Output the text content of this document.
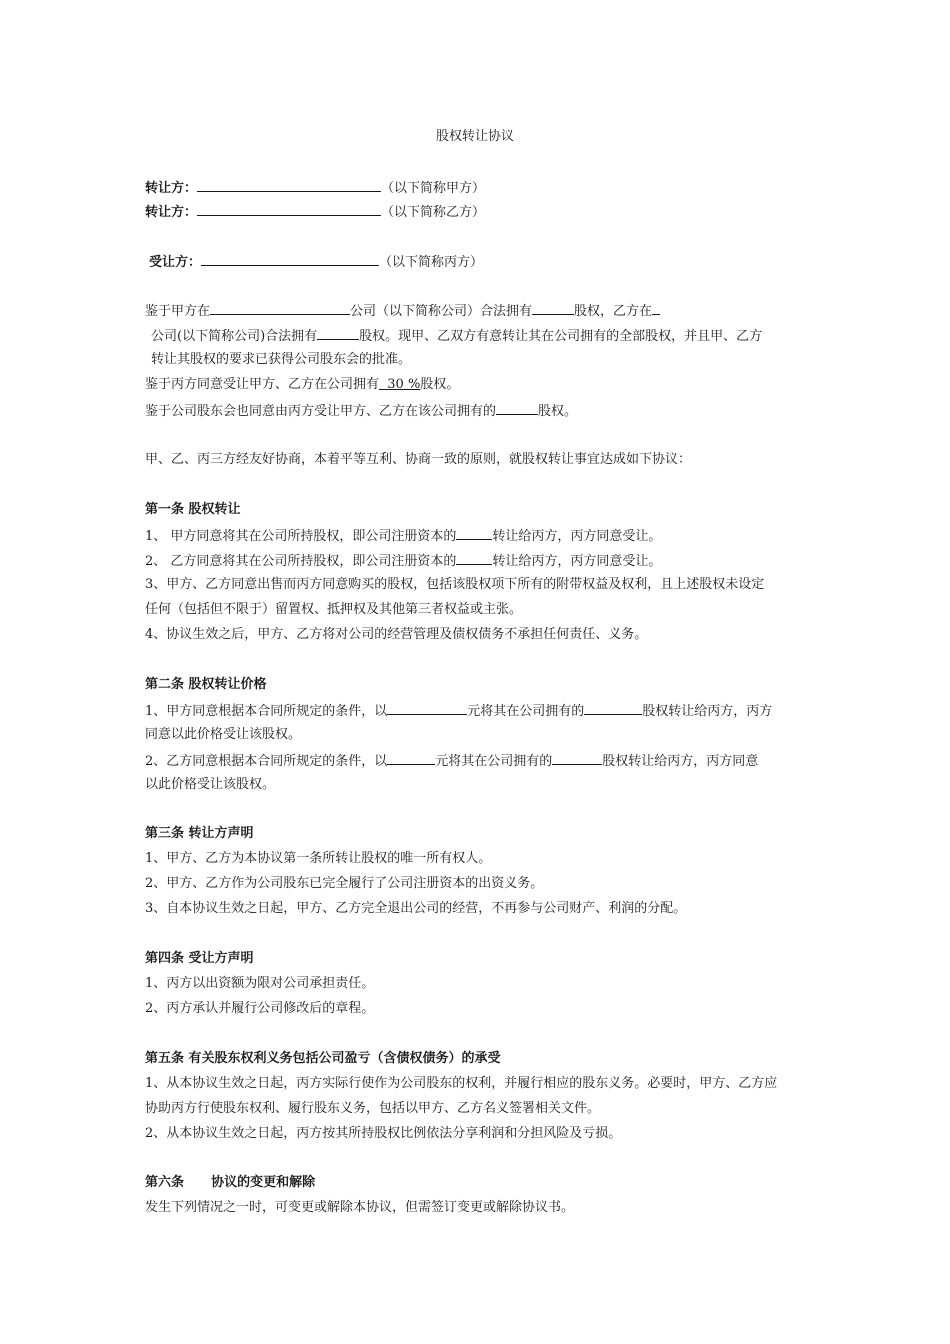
股权转让协议
转让方：	（以下简称甲方）
转让方：	（以下简称乙方）
受让方：	（以下简称丙方）
鉴于甲方在	公司（以下简称公司）合法拥有	股权，乙方在
公司(以下简称公司)合法拥有	股权。现甲、乙双方有意转让其在公司拥有的全部股权，并且甲、乙方
转让其股权的要求已获得公司股东会的批准。
鉴于丙方同意受让甲方、乙方在公司拥有  30 %股权。
鉴于公司股东会也同意由丙方受让甲方、乙方在该公司拥有的	股权。
甲、乙、丙三方经友好协商，本着平等互利、协商一致的原则，就股权转让事宜达成如下协议：
第一条 股权转让
1、 甲方同意将其在公司所持股权，即公司注册资本的	转让给丙方，丙方同意受让。
2、 乙方同意将其在公司所持股权，即公司注册资本的	转让给丙方，丙方同意受让。
3、甲方、乙方同意出售而丙方同意购买的股权，包括该股权项下所有的附带权益及权利，且上述股权未设定
任何（包括但不限于）留置权、抵押权及其他第三者权益或主张。
4、协议生效之后，甲方、乙方将对公司的经营管理及债权债务不承担任何责任、义务。
第二条 股权转让价格
1、甲方同意根据本合同所规定的条件，以	元将其在公司拥有的	股权转让给丙方，丙方
同意以此价格受让该股权。
2、乙方同意根据本合同所规定的条件，以	元将其在公司拥有的	股权转让给丙方，丙方同意
以此价格受让该股权。
第三条 转让方声明
1、甲方、乙方为本协议第一条所转让股权的唯一所有权人。
2、甲方、乙方作为公司股东已完全履行了公司注册资本的出资义务。
3、自本协议生效之日起，甲方、乙方完全退出公司的经营，不再参与公司财产、利润的分配。
第四条 受让方声明
1、丙方以出资额为限对公司承担责任。
2、丙方承认并履行公司修改后的章程。
第五条 有关股东权利义务包括公司盈亏（含债权债务）的承受
1、从本协议生效之日起，丙方实际行使作为公司股东的权利，并履行相应的股东义务。必要时，甲方、乙方应
协助丙方行使股东权利、履行股东义务，包括以甲方、乙方名义签署相关文件。
2、从本协议生效之日起，丙方按其所持股权比例依法分享利润和分担风险及亏损。
第六条      协议的变更和解除
发生下列情况之一时，可变更或解除本协议，但需签订变更或解除协议书。
